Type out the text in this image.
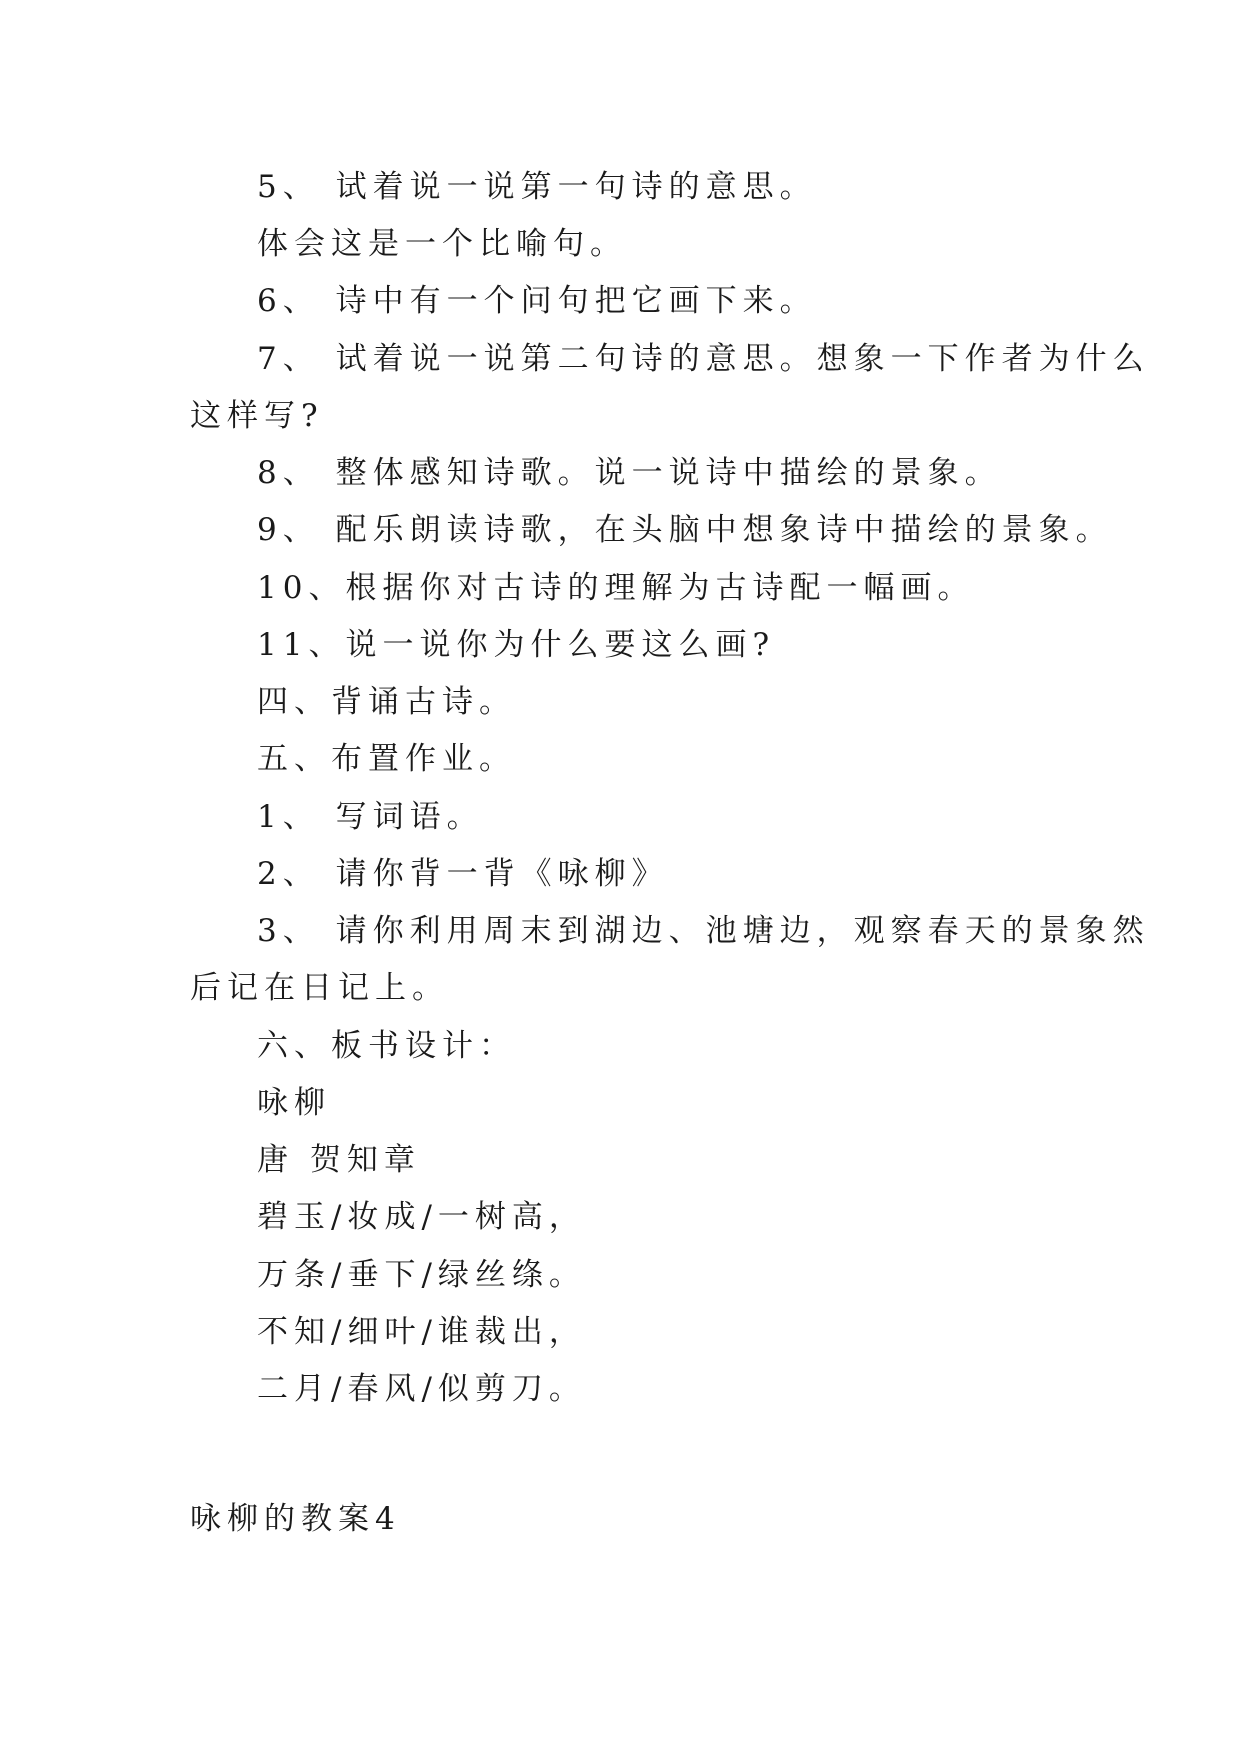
5、 试着说一说第一句诗的意思。
体会这是一个比喻句。
6、 诗中有一个问句把它画下来。
7、 试着说一说第二句诗的意思。想象一下作者为什么
这样写?
8、 整体感知诗歌。说一说诗中描绘的景象。
9、 配乐朗读诗歌，在头脑中想象诗中描绘的景象。
10、根据你对古诗的理解为古诗配一幅画。
11、说一说你为什么要这么画?
四、背诵古诗。
五、布置作业。
1、 写词语。
2、 请你背一背《咏柳》
3、 请你利用周末到湖边、池塘边，观察春天的景象然
后记在日记上。
六、板书设计：
咏柳
唐 贺知章
碧玉/妆成/一树高，
万条/垂下/绿丝绦。
不知/细叶/谁裁出，
二月/春风/似剪刀。
咏柳的教案4
